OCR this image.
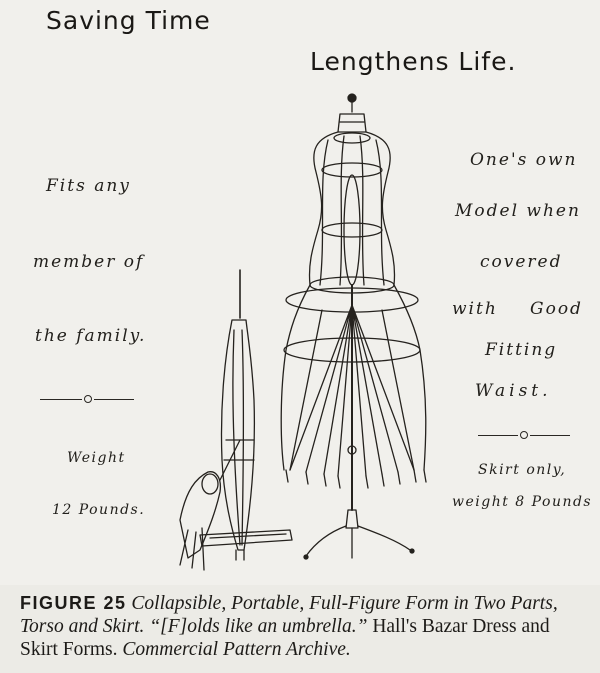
Saving Time
Lengthens Life.
Fits any
member of
the family.
Weight
12 Pounds.
One's own
Model when
covered
with Good
Fitting
Waist.
Skirt only,
weight 8 Pounds
FIGURE 25 Collapsible, Portable, Full-Figure Form in Two Parts, Torso and Skirt. “[F]olds like an umbrella.” Hall's Bazar Dress and Skirt Forms. Commercial Pattern Archive.
